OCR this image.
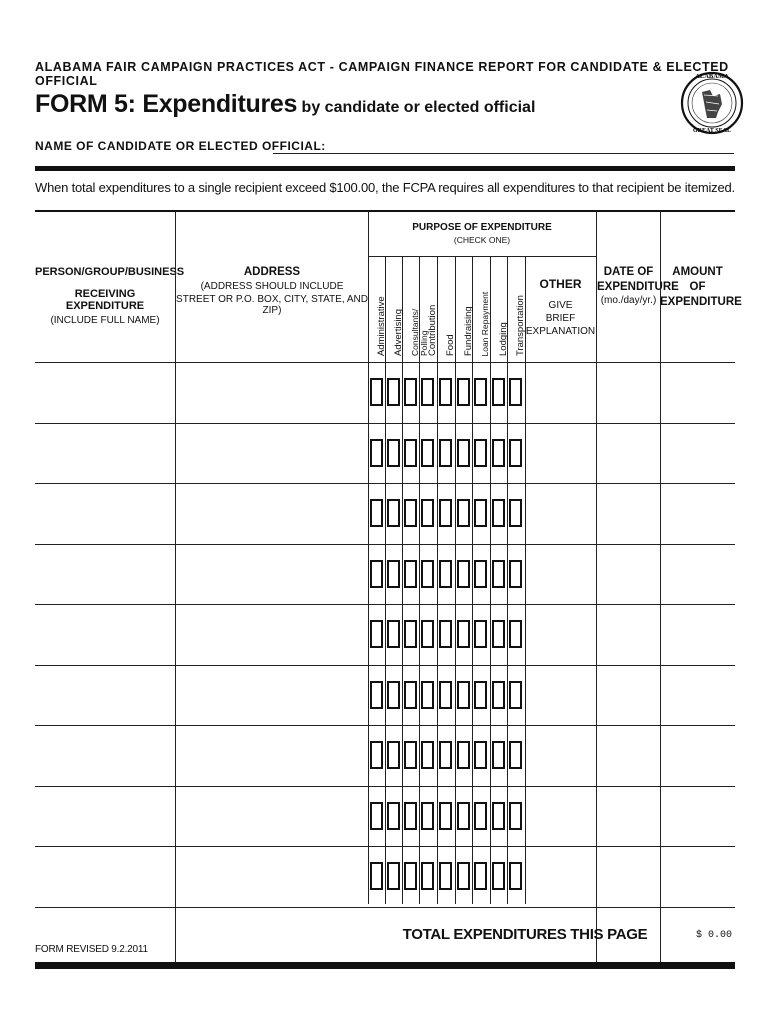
ALABAMA FAIR CAMPAIGN PRACTICES ACT - CAMPAIGN FINANCE REPORT FOR CANDIDATE & ELECTED OFFICIAL
FORM 5: Expenditures by candidate or elected official
NAME OF CANDIDATE OR ELECTED OFFICIAL:
ALABAMA
GREAT SEAL
When total expenditures to a single recipient exceed $100.00, the FCPA requires all expenditures to that recipient be itemized.
PERSON/GROUP/BUSINESS
RECEIVING EXPENDITURE
(INCLUDE FULL NAME)
ADDRESS
(ADDRESS SHOULD INCLUDE
STREET OR P.O. BOX, CITY, STATE, AND ZIP)
PURPOSE OF EXPENDITURE
(CHECK ONE)
OTHER
GIVE
BRIEF
EXPLANATION
DATE OF
EXPENDITURE
(mo./day/yr.)
AMOUNT
OF
EXPENDITURE
Administrative Advertising Consultants/ Polling
Contribution Food Fundraising Loan Repayment Lodging Transportation
TOTAL EXPENDITURES THIS PAGE	$ 0.00
FORM REVISED 9.2.2011
